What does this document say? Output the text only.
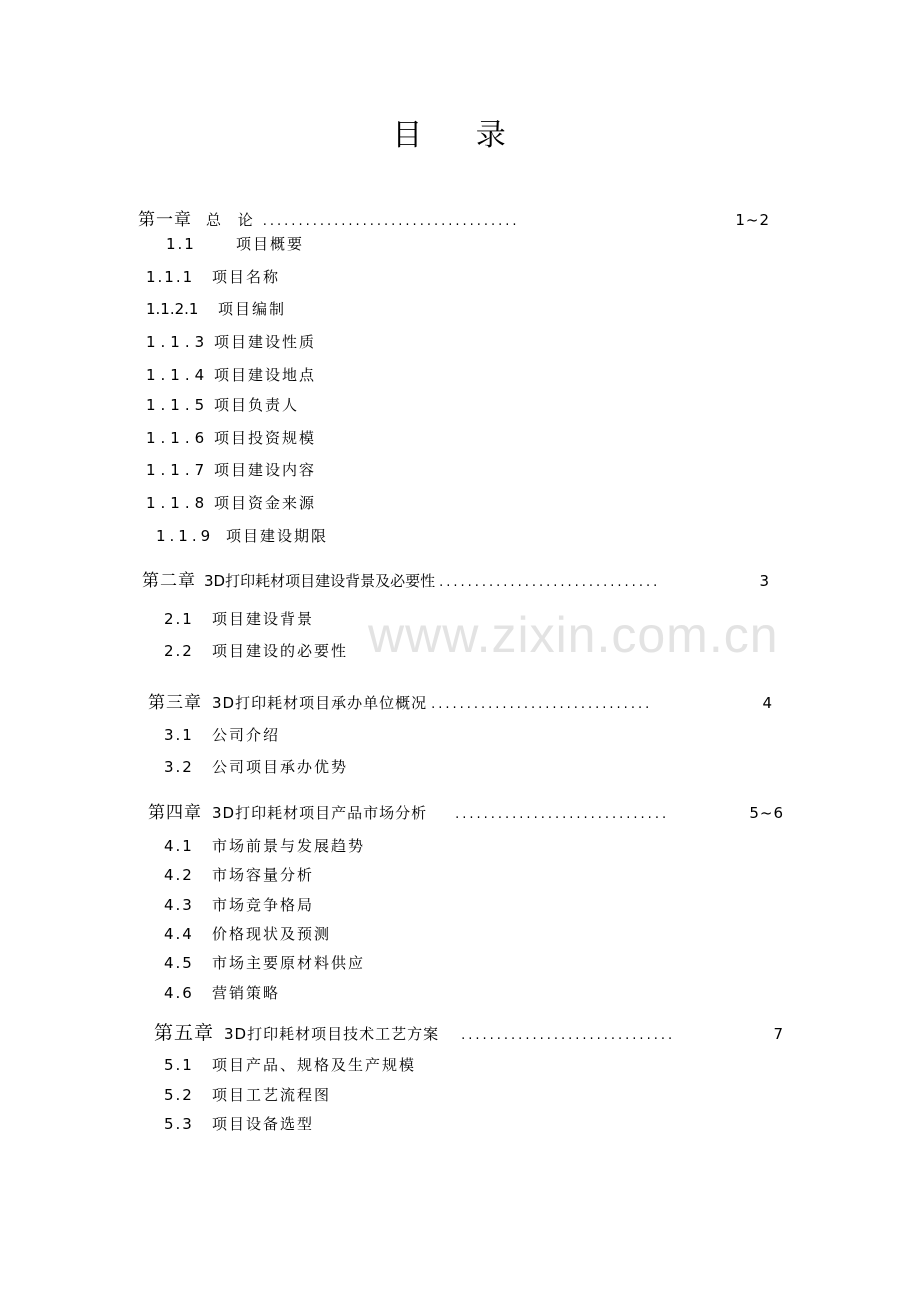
www.zixin.com.cn
目 录
第一章 总 论 ....................................	1~2
1.1	项目概要
1.1.1 项目名称
1.1.2.1 项目编制
1.1.3 项目建设性质
1.1.4 项目建设地点
1.1.5 项目负责人
1.1.6 项目投资规模
1.1.7 项目建设内容
1.1.8 项目资金来源
1.1.9 项目建设期限
第二章 3D打印耗材项目建设背景及必要性 ...............................	3
2.1 项目建设背景
2.2 项目建设的必要性
第三章 3D打印耗材项目承办单位概况 ...............................	4
3.1 公司介绍
3.2 公司项目承办优势
第四章 3D打印耗材项目产品市场分析	..............................	5~6
4.1 市场前景与发展趋势
4.2 市场容量分析
4.3 市场竞争格局
4.4 价格现状及预测
4.5 市场主要原材料供应
4.6 营销策略
第五章 3D打印耗材项目技术工艺方案	..............................	7
5.1 项目产品、规格及生产规模
5.2 项目工艺流程图
5.3 项目设备选型
